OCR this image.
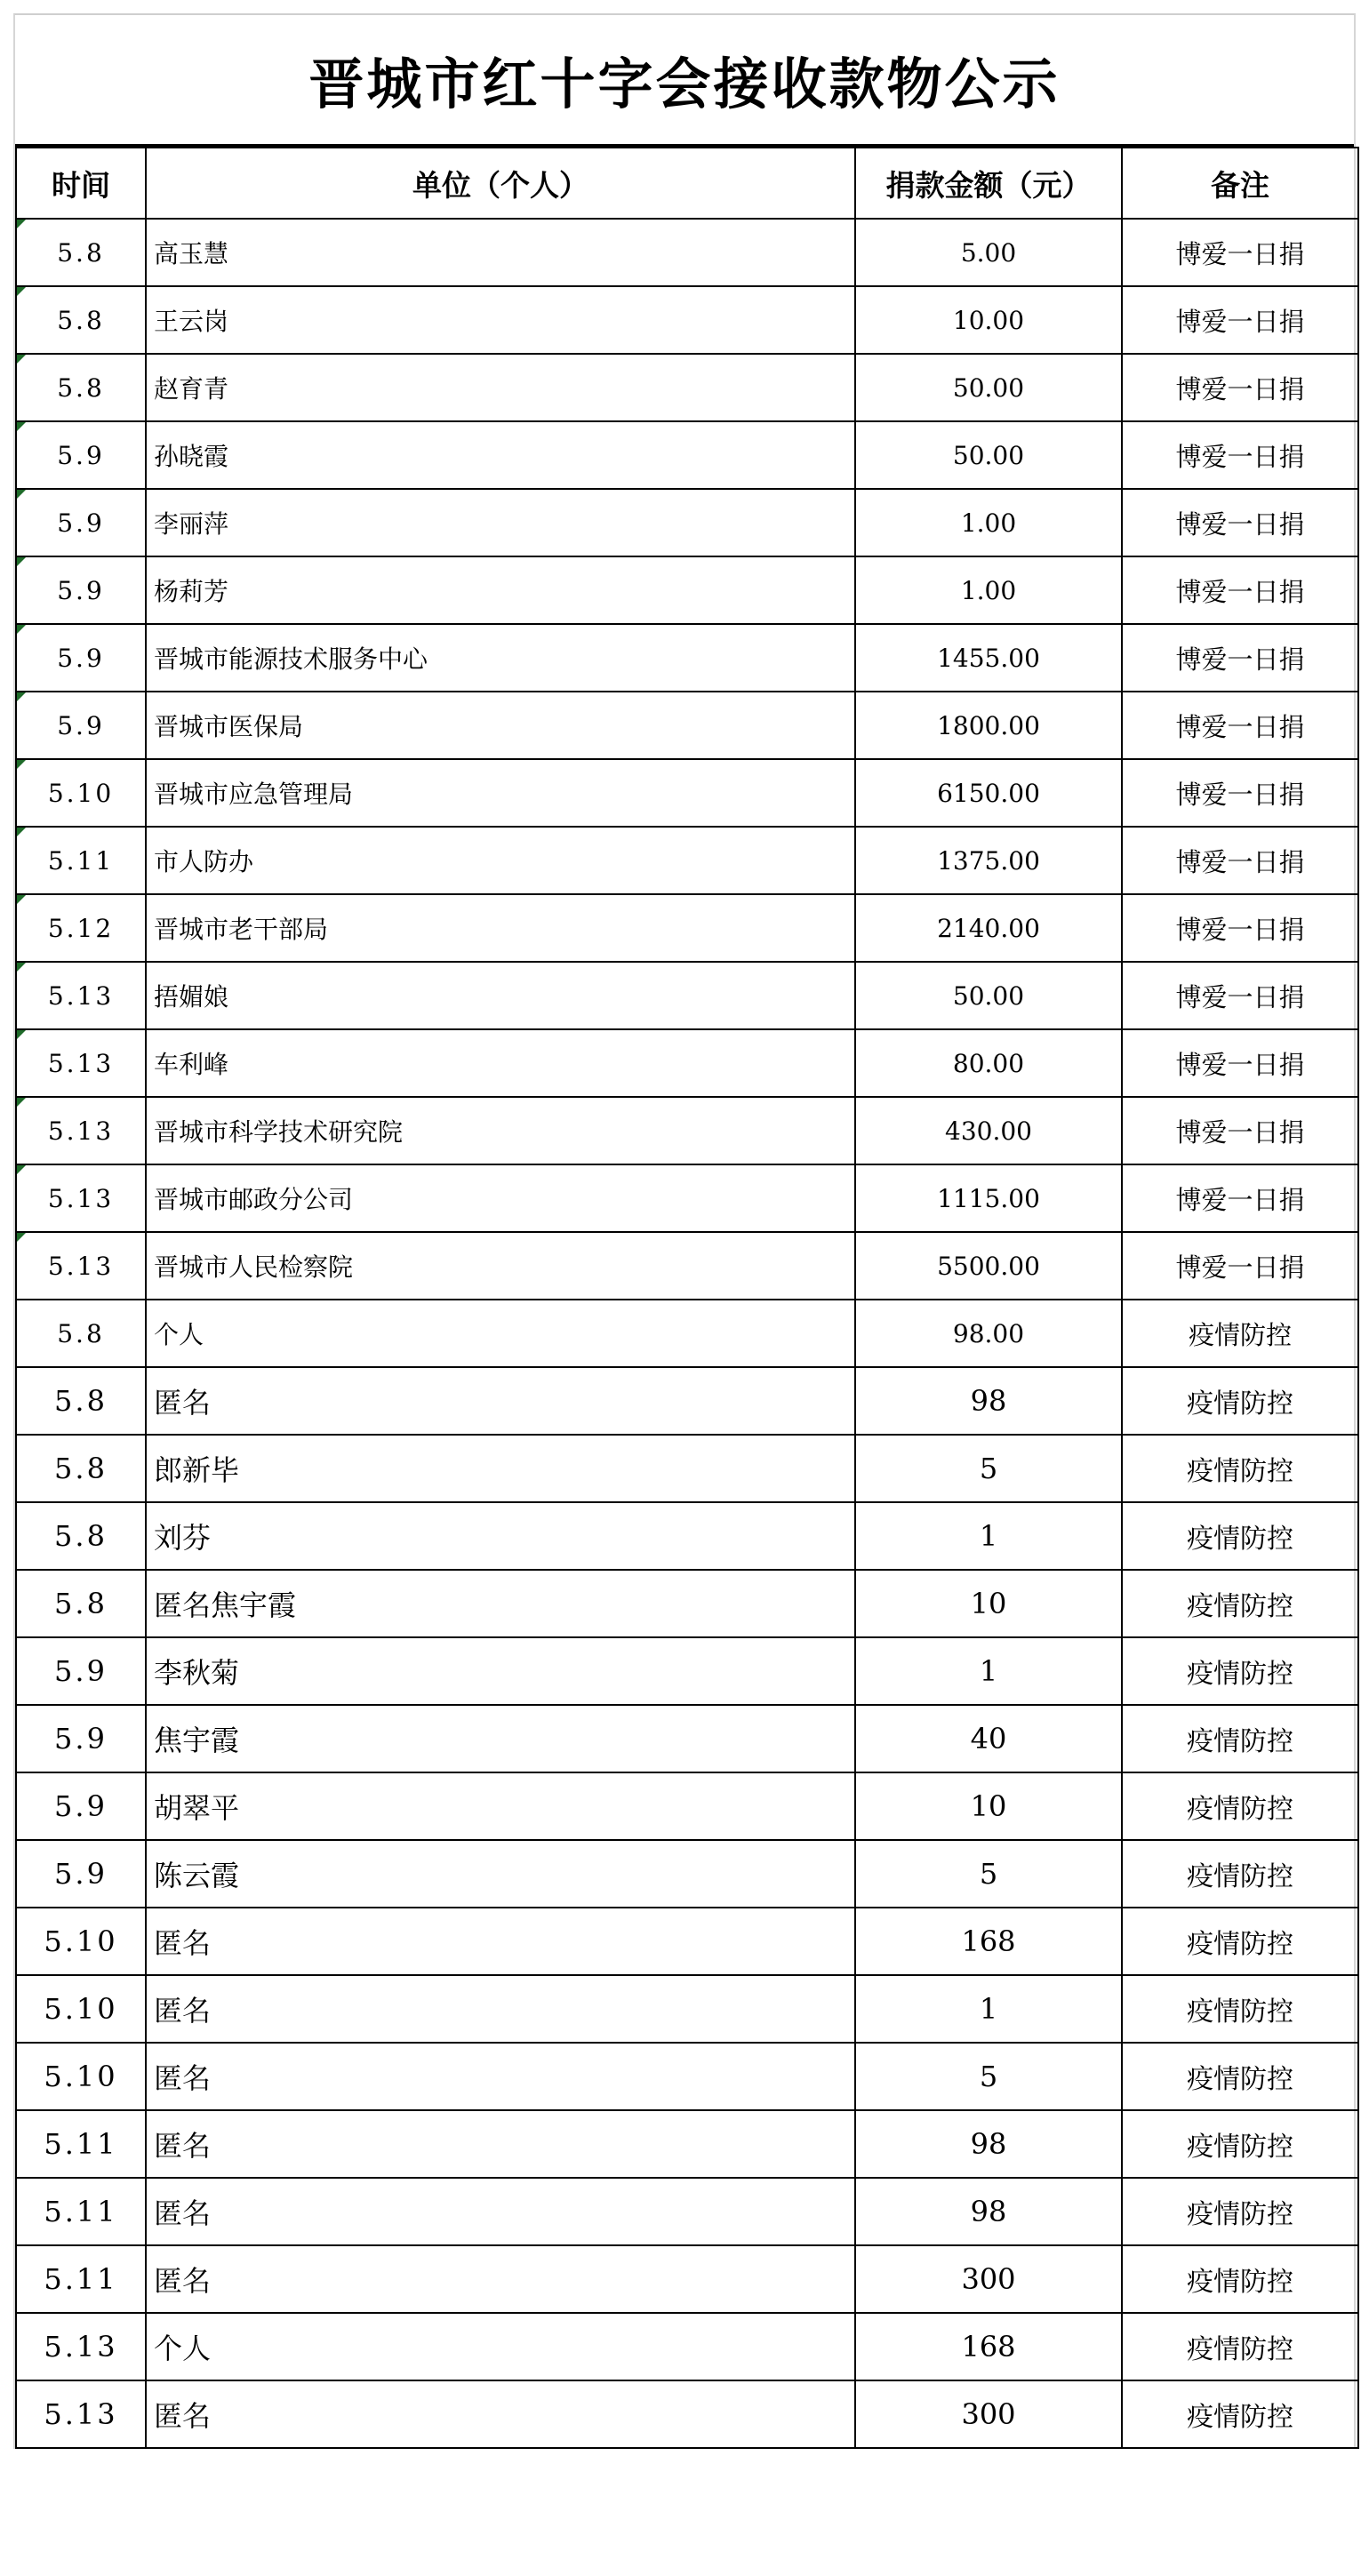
晋城市红十字会接收款物公示
时间	单位（个人）	捐款金额（元）	备注

5.8	高玉慧	5.00	博爱一日捐

5.8	王云岗	10.00	博爱一日捐

5.8	赵育青	50.00	博爱一日捐

5.9	孙晓霞	50.00	博爱一日捐

5.9	李丽萍	1.00	博爱一日捐

5.9	杨莉芳	1.00	博爱一日捐

5.9	晋城市能源技术服务中心	1455.00	博爱一日捐

5.9	晋城市医保局	1800.00	博爱一日捐

5.10	晋城市应急管理局	6150.00	博爱一日捐

5.11	市人防办	1375.00	博爱一日捐

5.12	晋城市老干部局	2140.00	博爱一日捐

5.13	捂媚娘	50.00	博爱一日捐

5.13	车利峰	80.00	博爱一日捐

5.13	晋城市科学技术研究院	430.00	博爱一日捐

5.13	晋城市邮政分公司	1115.00	博爱一日捐

5.13	晋城市人民检察院	5500.00	博爱一日捐
5.8	个人	98.00	疫情防控
5.8	匿名	98	疫情防控
5.8	郎新毕	5	疫情防控
5.8	刘芬	1	疫情防控
5.8	匿名焦宇霞	10	疫情防控
5.9	李秋菊	1	疫情防控
5.9	焦宇霞	40	疫情防控
5.9	胡翠平	10	疫情防控
5.9	陈云霞	5	疫情防控
5.10	匿名	168	疫情防控
5.10	匿名	1	疫情防控
5.10	匿名	5	疫情防控
5.11	匿名	98	疫情防控
5.11	匿名	98	疫情防控
5.11	匿名	300	疫情防控
5.13	个人	168	疫情防控
5.13	匿名	300	疫情防控
